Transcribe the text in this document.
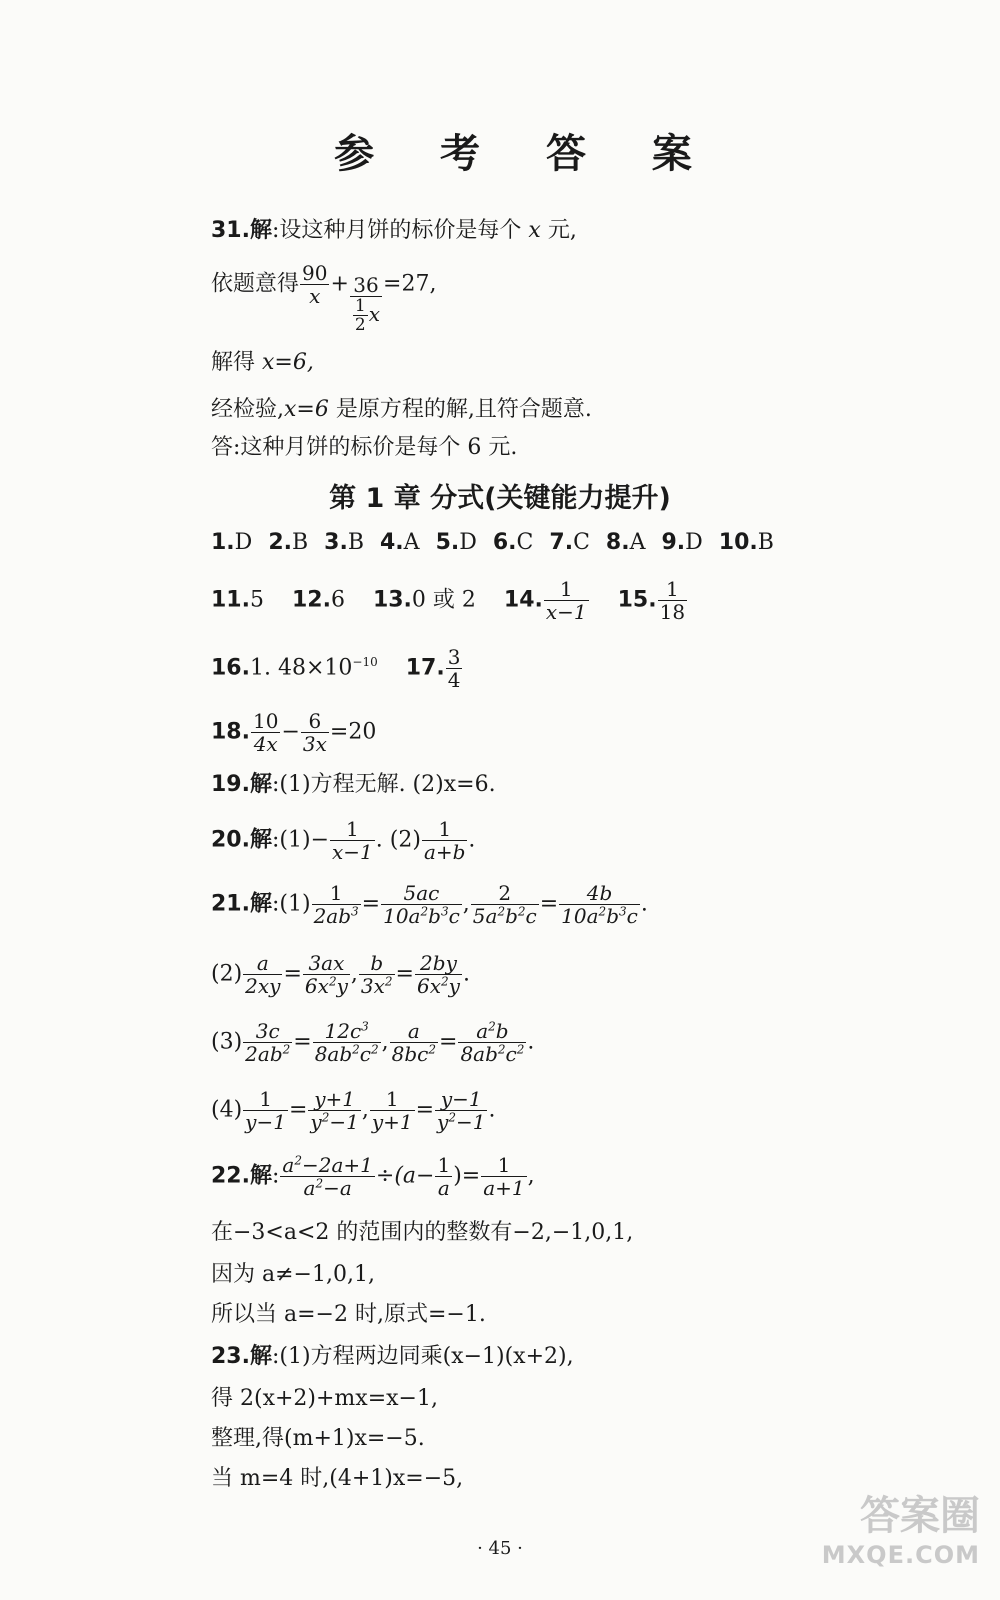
参 考 答 案
31.解:设这种月饼的标价是每个 x 元,
依题意得 $\frac{90}{x} + \frac{36}{\frac{1}{2} x} =27$,
解得 x=6,
经检验,x=6 是原方程的解,且符合题意.
答:这种月饼的标价是每个 6 元.
第 1 章 分式(关键能力提升)
1.D 2.B 3.B 4.A 5.D 6.C 7.C 8.A 9.D 10.B
11.5 12.6 13.0 或 2 14. $\frac{1}{x-1} 15$. $\frac{1}{18}$
16.1. $48\times 10^{-10}$ 17. $\frac{3}{4}$
18. $\frac{10}{4x} - \frac{6}{3x} =20$
19.解:(1)方程无解. (2)x=6.
20.解:(1)− $\frac{1}{x-1}$ . $(2) \frac{1}{a+b}$ .
21.解:(1) $\frac{1}{2ab^3} = \frac{5ac}{10a^2b^3c}$ , $\frac{2}{5a^2b^2c} = \frac{4b}{10a^2b^3c}$ .
$(2) \frac{a}{2xy} = \frac{3ax}{6x^2y}$ , $\frac{b}{3x^2} = \frac{2by}{6x^2y}$ .
$(3) \frac{3c}{2ab^2} = \frac{12c^3}{8ab^2c^2}$ , $\frac{a}{8bc^2} = \frac{a^2b}{8ab^2c^2}$ .
$(4) \frac{1}{y-1} = \frac{y+1}{y^2-1}$ , $\frac{1}{y+1} = \frac{y-1}{y^2-1}$ .
22.解: $\frac{a^2-2a+1}{a^2-a} \div(a- \frac{1}{a}$ )= $\frac{1}{a+1}$ ,
在−3<a<2 的范围内的整数有−2,−1,0,1,
因为 a≠−1,0,1,
所以当 a=−2 时,原式=−1.
23.解:(1)方程两边同乘(x−1)(x+2),
得 2(x+2)+mx=x−1,
整理,得(m+1)x=−5.
当 m=4 时,(4+1)x=−5,
· 45 ·
答案圈
MXQE.COM
